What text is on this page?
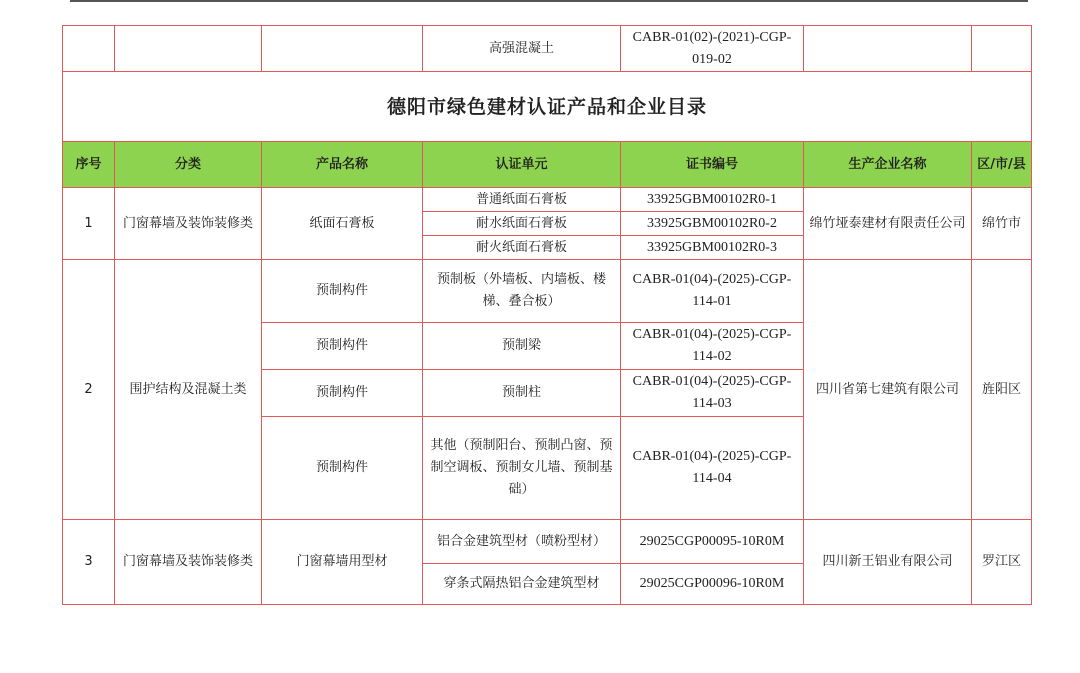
			高强混凝土	CABR-01(02)-(2021)-CGP-019-02		
德阳市绿色建材认证产品和企业目录						
序号	分类	产品名称	认证单元	证书编号	生产企业名称	区/市/县
1	门窗幕墙及装饰装修类	纸面石膏板	普通纸面石膏板	33925GBM00102R0-1	绵竹垭泰建材有限责任公司	绵竹市
			耐水纸面石膏板	33925GBM00102R0-2		
			耐火纸面石膏板	33925GBM00102R0-3		
2	围护结构及混凝土类	预制构件	预制板（外墙板、内墙板、楼梯、叠合板）	CABR-01(04)-(2025)-CGP-114-01	四川省第七建筑有限公司	旌阳区
		预制构件	预制梁	CABR-01(04)-(2025)-CGP-114-02		
		预制构件	预制柱	CABR-01(04)-(2025)-CGP-114-03		
		预制构件	其他（预制阳台、预制凸窗、预制空调板、预制女儿墙、预制基础）	CABR-01(04)-(2025)-CGP-114-04		
3	门窗幕墙及装饰装修类	门窗幕墙用型材	铝合金建筑型材（喷粉型材）	29025CGP00095-10R0M	四川新王铝业有限公司	罗江区
			穿条式隔热铝合金建筑型材	29025CGP00096-10R0M		
